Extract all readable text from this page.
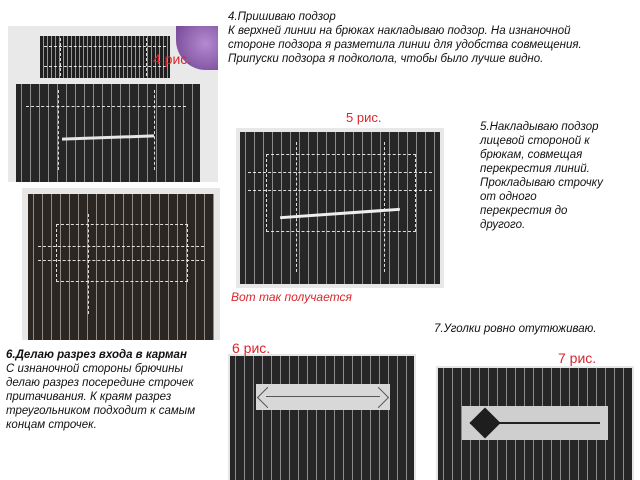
4.Пришиваю подзор

К верхней линии на брюках накладываю подзор. На изнаночной стороне подзора я разметила линии для удобства совмещения. Припуски подзора я подколола, чтобы было лучше видно.

5.Накладываю подзор лицевой стороной к брюкам, совмещая перекрестия линий. Прокладываю строчку от одного перекрестия до другого.

7.Уголки ровно отутюживаю.

6.Делаю разрез входа в карман

С изнаночной стороны брючины делаю разрез посередине строчек притачивания. К краям разрез треугольником подходит к самым концам строчек.

4 рис.
5 рис.
Вот так получается
6 рис.
7 рис.
